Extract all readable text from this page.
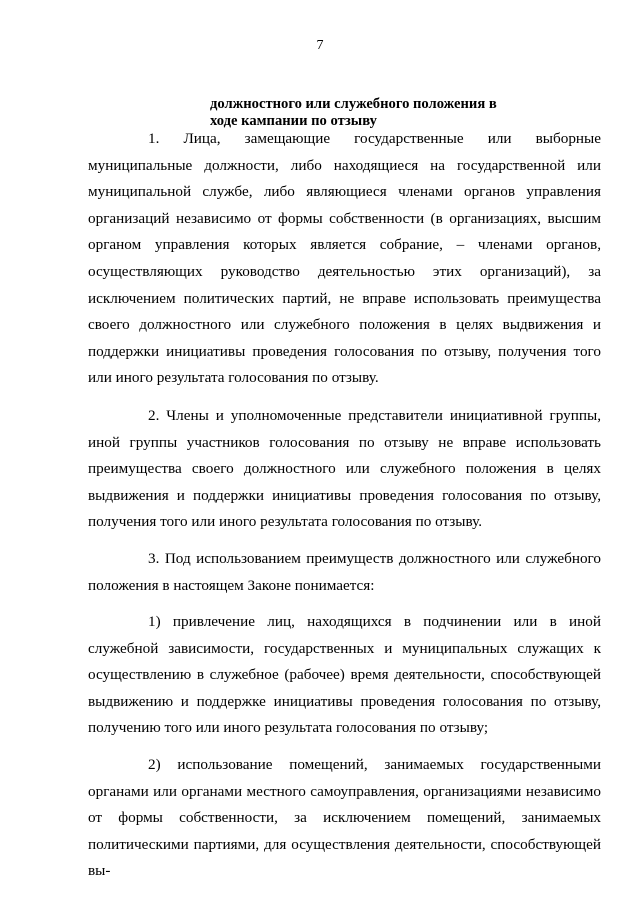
7
должностного или служебного положения в
ходе кампании по отзыву

1. Лица, замещающие государственные или выборные муниципальные должности, либо находящиеся на государственной или муниципальной службе, либо являющиеся членами органов управления организаций независимо от формы собственности (в организациях, высшим органом управления которых является собрание, – членами органов, осуществляющих руководство деятельностью этих организаций), за исключением политических партий, не вправе использовать преимущества своего должностного или служебного положения в целях выдвижения и поддержки инициативы проведения голосования по отзыву, получения того или иного результата голосования по отзыву.

2. Члены и уполномоченные представители инициативной группы, иной группы участников голосования по отзыву не вправе использовать преимущества своего должностного или служебного положения в целях выдвижения и поддержки инициативы проведения голосования по отзыву, получения того или иного результата голосования по отзыву.

3. Под использованием преимуществ должностного или служебного положения в настоящем Законе понимается:

1) привлечение лиц, находящихся в подчинении или в иной служебной зависимости, государственных и муниципальных служащих к осуществлению в служебное (рабочее) время деятельности, способствующей выдвижению и поддержке инициативы проведения голосования по отзыву, получению того или иного результата голосования по отзыву;

2) использование помещений, занимаемых государственными органами или органами местного самоуправления, организациями независимо от формы собственности, за исключением помещений, занимаемых политическими партиями, для осуществления деятельности, способствующей вы-
